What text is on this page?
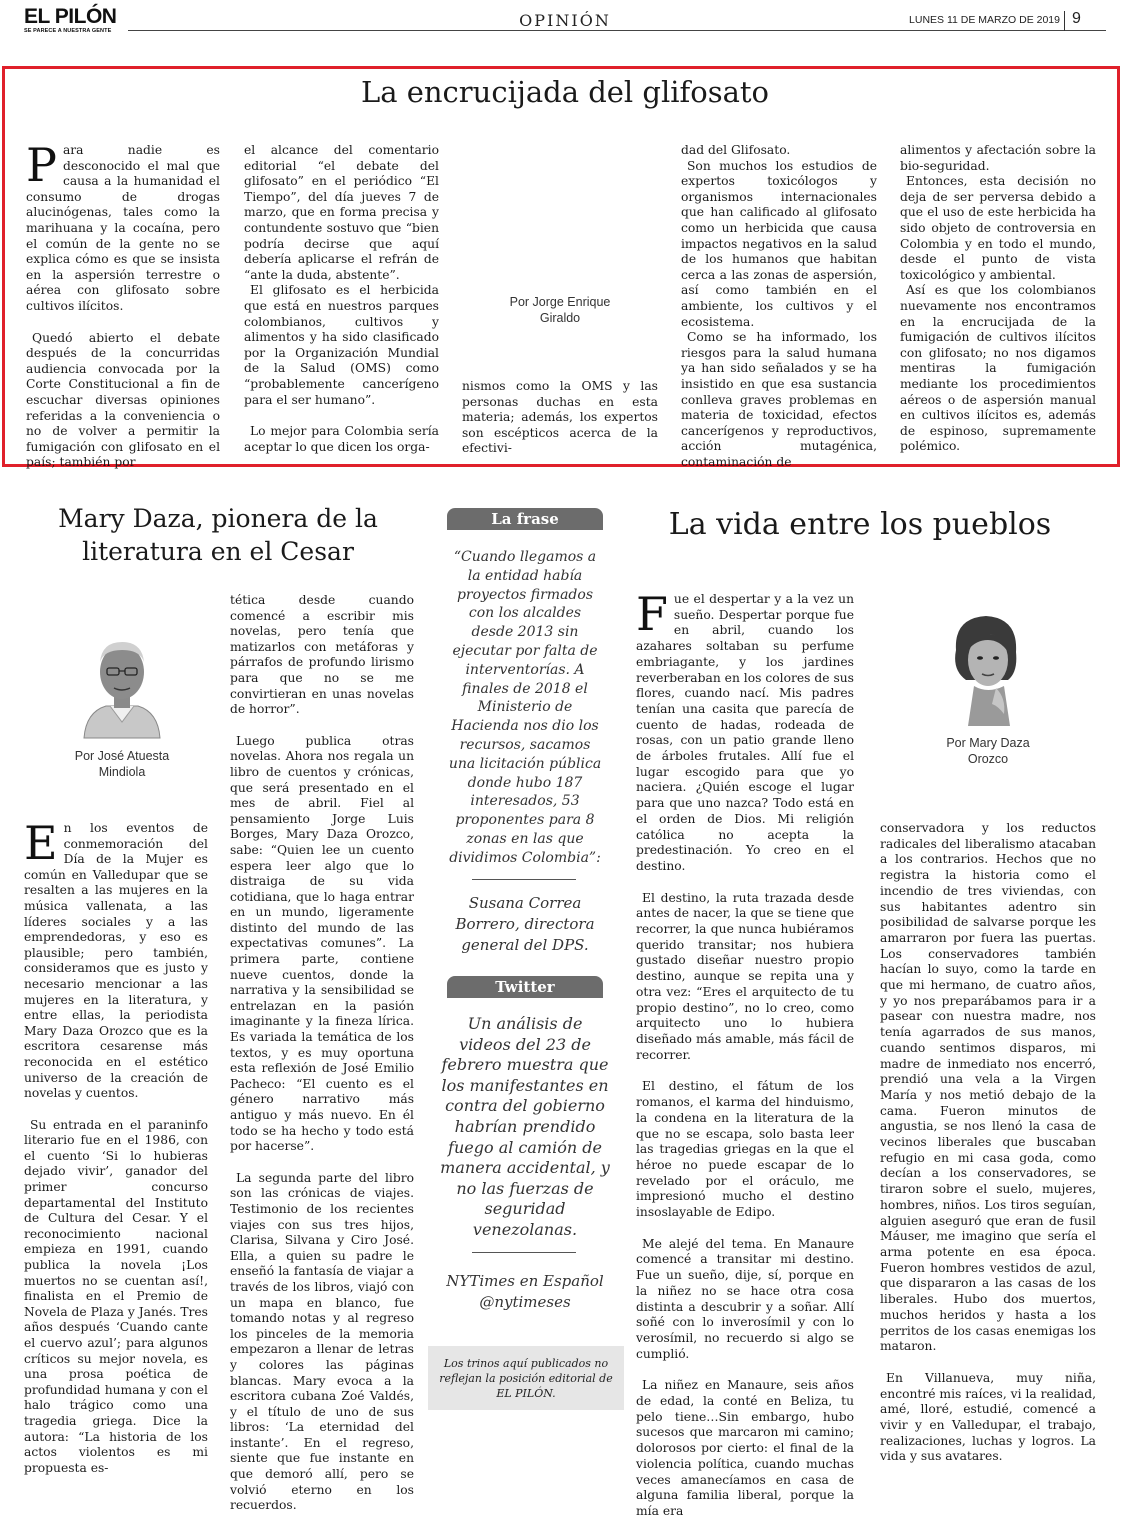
EL PILÓN
SE PARECE A NUESTRA GENTE
OPINIÓN	LUNES 11 DE MARZO DE 2019 9
La encrucijada del glifosato

Para nadie es desconocido el mal que causa a la humanidad el consumo de drogas alucinógenas, tales como la marihuana y la cocaína, pero el común de la gente no se explica cómo es que se insista en la aspersión terrestre o aérea con glifosato sobre cultivos ilícitos.

Quedó abierto el debate después de la concurridas audiencia convocada por la Corte Constitucional a fin de escuchar diversas opiniones referidas a la conveniencia o no de volver a permitir la fumigación con glifosato en el país; también por

el alcance del comentario editorial “el debate del glifosato” en el periódico “El Tiempo”, del día jueves 7 de marzo, que en forma precisa y contundente sostuvo que “bien podría decirse que aquí debería aplicarse el refrán de “ante la duda, abstente”.

El glifosato es el herbicida que está en nuestros parques colombianos, cultivos y alimentos y ha sido clasificado por la Organización Mundial de la Salud (OMS) como “probablemente cancerígeno para el ser humano”.

Lo mejor para Colombia sería aceptar lo que dicen los orga-

Por Jorge Enrique
Giraldo

nismos como la OMS y las personas duchas en esta materia; además, los expertos son escépticos acerca de la efectivi-

dad del Glifosato.

Son muchos los estudios de expertos toxicólogos y organismos internacionales que han calificado al glifosato como un herbicida que causa impactos negativos en la salud de los humanos que habitan cerca a las zonas de aspersión, así como también en el ambiente, los cultivos y el ecosistema.

Como se ha informado, los riesgos para la salud humana ya han sido señalados y se ha insistido en que esa sustancia conlleva graves problemas en materia de toxicidad, efectos cancerígenos y reproductivos, acción mutagénica, contaminación de

alimentos y afectación sobre la bio-seguridad.

Entonces, esta decisión no deja de ser perversa debido a que el uso de este herbicida ha sido objeto de controversia en Colombia y en todo el mundo, desde el punto de vista toxicológico y ambiental.

Así es que los colombianos nuevamente nos encontramos en la encrucijada de la fumigación de cultivos ilícitos con glifosato; no nos digamos mentiras la fumigación mediante los procedimientos aéreos o de aspersión manual en cultivos ilícitos es, además de espinoso, supremamente polémico.

Mary Daza, pionera de la
literatura en el Cesar
Por José Atuesta
Mindiola

En los eventos de conmemoración del Día de la Mujer es común en Valledupar que se resalten a las mujeres en la música vallenata, a las líderes sociales y a las emprendedoras, y eso es plausible; pero también, consideramos que es justo y necesario mencionar a las mujeres en la literatura, y entre ellas, la periodista Mary Daza Orozco que es la escritora cesarense más reconocida en el estético universo de la creación de novelas y cuentos.

Su entrada en el paraninfo literario fue en el 1986, con el cuento ‘Si lo hubieras dejado vivir’, ganador del primer concurso departamental del Instituto de Cultura del Cesar. Y el reconocimiento nacional empieza en 1991, cuando publica la novela ¡Los muertos no se cuentan así!, finalista en el Premio de Novela de Plaza y Janés. Tres años después ‘Cuando cante el cuervo azul’; para algunos críticos su mejor novela, es una prosa poética de profundidad humana y con el halo trágico como una tragedia griega. Dice la autora: “La historia de los actos violentos es mi propuesta es-

tética desde cuando comencé a escribir mis novelas, pero tenía que matizarlos con metáforas y párrafos de profundo lirismo para que no se me convirtieran en unas novelas de horror”.

Luego publica otras novelas. Ahora nos regala un libro de cuentos y crónicas, que será presentado en el mes de abril. Fiel al pensamiento Jorge Luis Borges, Mary Daza Orozco, sabe: “Quien lee un cuento espera leer algo que lo distraiga de su vida cotidiana, que lo haga entrar en un mundo, ligeramente distinto del mundo de las expectativas comunes”. La primera parte, contiene nueve cuentos, donde la narrativa y la sensibilidad se entrelazan en la pasión imaginante y la fineza lírica. Es variada la temática de los textos, y es muy oportuna esta reflexión de José Emilio Pacheco: “El cuento es el género narrativo más antiguo y más nuevo. En él todo se ha hecho y todo está por hacerse”.

La segunda parte del libro son las crónicas de viajes. Testimonio de los recientes viajes con sus tres hijos, Clarisa, Silvana y Ciro José. Ella, a quien su padre le enseñó la fantasía de viajar a través de los libros, viajó con un mapa en blanco, fue tomando notas y al regreso los pinceles de la memoria empezaron a llenar de letras y colores las páginas blancas. Mary evoca a la escritora cubana Zoé Valdés, y el título de uno de sus libros: ‘La eternidad del instante’. En el regreso, siente que fue instante en que demoró allí, pero se volvió eterno en los recuerdos.

La frase
“Cuando llegamos a la entidad había proyectos firmados con los alcaldes desde 2013 sin ejecutar por falta de interventorías. A finales de 2018 el Ministerio de Hacienda nos dio los recursos, sacamos una licitación pública donde hubo 187 interesados, 53 proponentes para 8 zonas en las que dividimos Colombia”:
Susana Correa Borrero, directora general del DPS.
Twitter
Un análisis de videos del 23 de febrero muestra que los manifestantes en contra del gobierno habrían prendido fuego al camión de manera accidental, y no las fuerzas de seguridad venezolanas.
NYTimes en Español @nytimeses
Los trinos aquí publicados no reflejan la posición editorial de EL PILÓN.
La vida entre los pueblos

Fue el despertar y a la vez un sueño. Despertar porque fue en abril, cuando los azahares soltaban su perfume embriagante, y los jardines reverberaban en los colores de sus flores, cuando nací. Mis padres tenían una casita que parecía de cuento de hadas, rodeada de rosas, con un patio grande lleno de árboles frutales. Allí fue el lugar escogido para que yo naciera. ¿Quién escoge el lugar para que uno nazca? Todo está en el orden de Dios. Mi religión católica no acepta la predestinación. Yo creo en el destino.

El destino, la ruta trazada desde antes de nacer, la que se tiene que recorrer, la que nunca hubiéramos querido transitar; nos hubiera gustado diseñar nuestro propio destino, aunque se repita una y otra vez: “Eres el arquitecto de tu propio destino”, no lo creo, como arquitecto uno lo hubiera diseñado más amable, más fácil de recorrer.

El destino, el fátum de los romanos, el karma del hinduismo, la condena en la literatura de la que no se escapa, solo basta leer las tragedias griegas en la que el héroe no puede escapar de lo revelado por el oráculo, me impresionó mucho el destino insoslayable de Edipo.

Me alejé del tema. En Manaure comencé a transitar mi destino. Fue un sueño, dije, sí, porque en la niñez no se hace otra cosa distinta a descubrir y a soñar. Allí soñé con lo inverosímil y con lo verosímil, no recuerdo si algo se cumplió.

La niñez en Manaure, seis años de edad, la conté en Beliza, tu pelo tiene…Sin embargo, hubo sucesos que marcaron mi camino; dolorosos por cierto: el final de la violencia política, cuando muchas veces amanecíamos en casa de alguna familia liberal, porque la mía era

Por Mary Daza
Orozco

conservadora y los reductos radicales del liberalismo atacaban a los contrarios. Hechos que no registra la historia como el incendio de tres viviendas, con sus habitantes adentro sin posibilidad de salvarse porque les amarraron por fuera las puertas. Los conservadores también hacían lo suyo, como la tarde en que mi hermano, de cuatro años, y yo nos preparábamos para ir a pasear con nuestra madre, nos tenía agarrados de sus manos, cuando sentimos disparos, mi madre de inmediato nos encerró, prendió una vela a la Virgen María y nos metió debajo de la cama. Fueron minutos de angustia, se nos llenó la casa de vecinos liberales que buscaban refugio en mi casa goda, como decían a los conservadores, se tiraron sobre el suelo, mujeres, hombres, niños. Los tiros seguían, alguien aseguró que eran de fusil Máuser, me imagino que sería el arma potente en esa época. Fueron hombres vestidos de azul, que dispararon a las casas de los liberales. Hubo dos muertos, muchos heridos y hasta a los perritos de los casas enemigas los mataron.

En Villanueva, muy niña, encontré mis raíces, vi la realidad, amé, lloré, estudié, comencé a vivir y en Valledupar, el trabajo, realizaciones, luchas y logros. La vida y sus avatares.
